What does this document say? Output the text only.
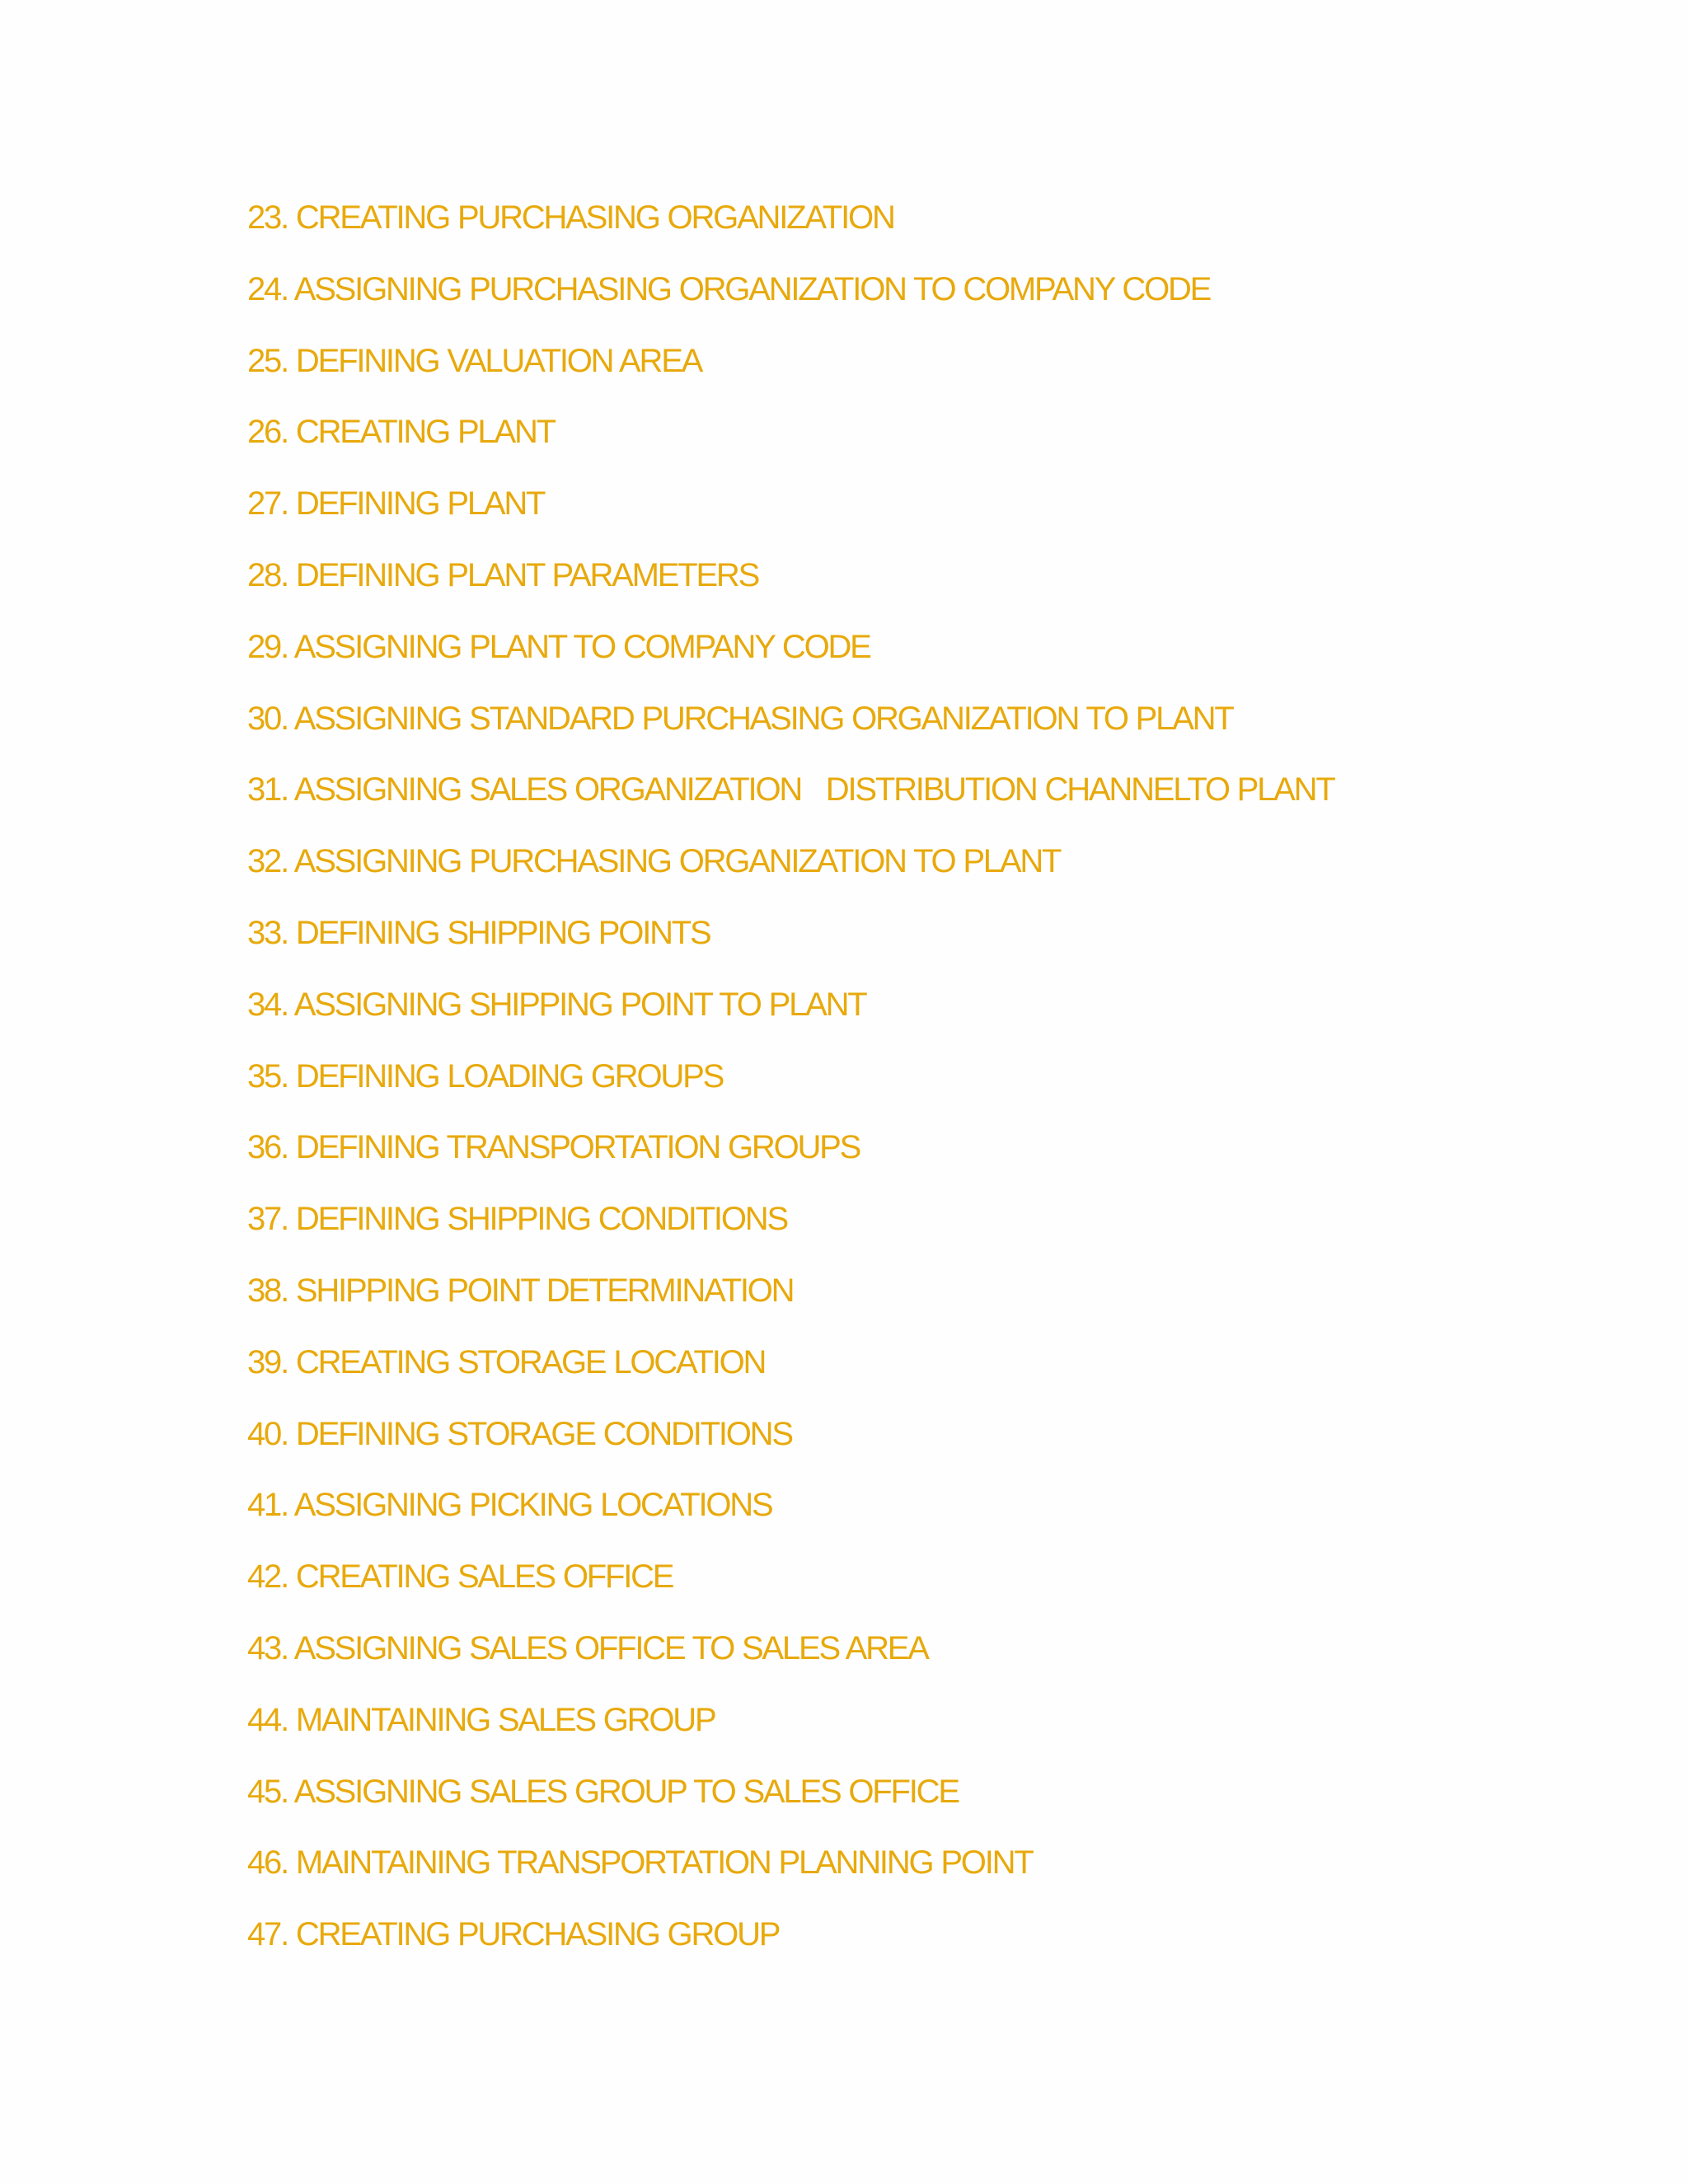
23. CREATING PURCHASING ORGANIZATION
24. ASSIGNING PURCHASING ORGANIZATION TO COMPANY CODE
25. DEFINING VALUATION AREA
26. CREATING PLANT
27. DEFINING PLANT
28. DEFINING PLANT PARAMETERS
29. ASSIGNING PLANT TO COMPANY CODE
30. ASSIGNING STANDARD PURCHASING ORGANIZATION TO PLANT
31. ASSIGNING SALES ORGANIZATION   DISTRIBUTION CHANNELTO PLANT
32. ASSIGNING PURCHASING ORGANIZATION TO PLANT
33. DEFINING SHIPPING POINTS
34. ASSIGNING SHIPPING POINT TO PLANT
35. DEFINING LOADING GROUPS
36. DEFINING TRANSPORTATION GROUPS
37. DEFINING SHIPPING CONDITIONS
38. SHIPPING POINT DETERMINATION
39. CREATING STORAGE LOCATION
40. DEFINING STORAGE CONDITIONS
41. ASSIGNING PICKING LOCATIONS
42. CREATING SALES OFFICE
43. ASSIGNING SALES OFFICE TO SALES AREA
44. MAINTAINING SALES GROUP
45. ASSIGNING SALES GROUP TO SALES OFFICE
46. MAINTAINING TRANSPORTATION PLANNING POINT
47. CREATING PURCHASING GROUP
